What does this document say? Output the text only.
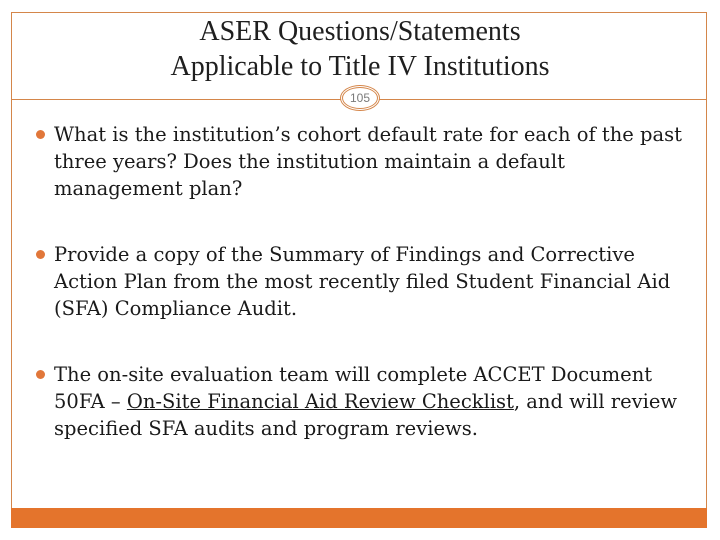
ASER Questions/Statements
Applicable to Title IV Institutions
105
What is the institution’s cohort default rate for each of the past three years? Does the institution maintain a default management plan?
Provide a copy of the Summary of Findings and Corrective Action Plan from the most recently filed Student Financial Aid (SFA) Compliance Audit.
The on-site evaluation team will complete ACCET Document 50FA – On-Site Financial Aid Review Checklist, and will review specified SFA audits and program reviews.
